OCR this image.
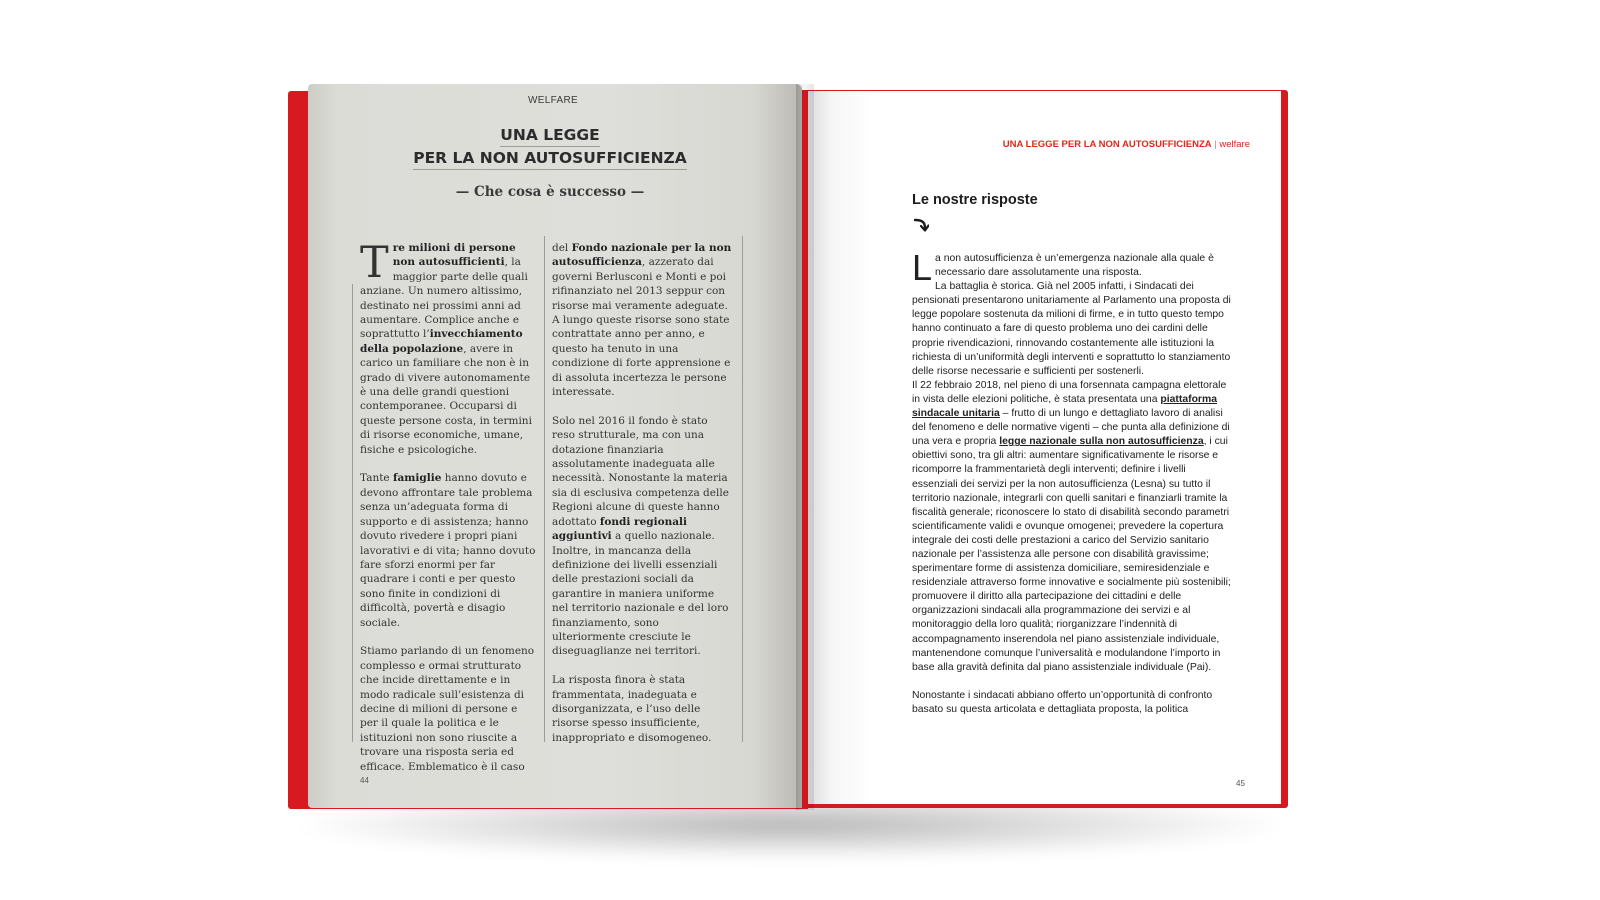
WELFARE
UNA LEGGE
PER LA NON AUTOSUFFICIENZA
— Che cosa è successo —

Tre milioni di persone non autosufficienti, la maggior parte delle quali anziane. Un numero altissimo, destinato nei prossimi anni ad aumentare. Complice anche e soprattutto l’invecchiamento della popolazione, avere in carico un familiare che non è in grado di vivere autonomamente è una delle grandi questioni contemporanee. Occuparsi di queste persone costa, in termini di risorse economiche, umane, fisiche e psicologiche.

Tante famiglie hanno dovuto e devono affrontare tale problema senza un’adeguata forma di supporto e di assistenza; hanno dovuto rivedere i propri piani lavorativi e di vita; hanno dovuto fare sforzi enormi per far quadrare i conti e per questo sono finite in condizioni di difficoltà, povertà e disagio sociale.

Stiamo parlando di un fenomeno complesso e ormai strutturato che incide direttamente e in modo radicale sull’esistenza di decine di milioni di persone e per il quale la politica e le istituzioni non sono riuscite a trovare una risposta seria ed efficace. Emblematico è il caso

del Fondo nazionale per la non autosufficienza, azzerato dai governi Berlusconi e Monti e poi rifinanziato nel 2013 seppur con risorse mai veramente adeguate. A lungo queste risorse sono state contrattate anno per anno, e questo ha tenuto in una condizione di forte apprensione e di assoluta incertezza le persone interessate.

Solo nel 2016 il fondo è stato reso strutturale, ma con una dotazione finanziaria assolutamente inadeguata alle necessità. Nonostante la materia sia di esclusiva competenza delle Regioni alcune di queste hanno adottato fondi regionali aggiuntivi a quello nazionale. Inoltre, in mancanza della definizione dei livelli essenziali delle prestazioni sociali da garantire in maniera uniforme nel territorio nazionale e del loro finanziamento, sono ulteriormente cresciute le diseguaglianze nei territori.

La risposta finora è stata frammentata, inadeguata e disorganizzata, e l’uso delle risorse spesso insufficiente, inappropriato e disomogeneo.

44
UNA LEGGE PER LA NON AUTOSUFFICIENZA | welfare
Le nostre risposte

La non autosufficienza è un’emergenza nazionale alla quale è necessario dare assolutamente una risposta.

La battaglia è storica. Già nel 2005 infatti, i Sindacati dei pensionati presentarono unitariamente al Parlamento una proposta di legge popolare sostenuta da milioni di firme, e in tutto questo tempo hanno continuato a fare di questo problema uno dei cardini delle proprie rivendicazioni, rinnovando costantemente alle istituzioni la richiesta di un’uniformità degli interventi e soprattutto lo stanziamento delle risorse necessarie e sufficienti per sostenerli.

Il 22 febbraio 2018, nel pieno di una forsennata campagna elettorale in vista delle elezioni politiche, è stata presentata una piattaforma sindacale unitaria – frutto di un lungo e dettagliato lavoro di analisi del fenomeno e delle normative vigenti – che punta alla definizione di una vera e propria legge nazionale sulla non autosufficienza, i cui obiettivi sono, tra gli altri: aumentare significativamente le risorse e ricomporre la frammentarietà degli interventi; definire i livelli essenziali dei servizi per la non autosufficienza (Lesna) su tutto il territorio nazionale, integrarli con quelli sanitari e finanziarli tramite la fiscalità generale; riconoscere lo stato di disabilità secondo parametri scientificamente validi e ovunque omogenei; prevedere la copertura integrale dei costi delle prestazioni a carico del Servizio sanitario nazionale per l’assistenza alle persone con disabilità gravissime; sperimentare forme di assistenza domiciliare, semiresidenziale e residenziale attraverso forme innovative e socialmente più sostenibili; promuovere il diritto alla partecipazione dei cittadini e delle organizzazioni sindacali alla programmazione dei servizi e al monitoraggio della loro qualità; riorganizzare l’indennità di accompagnamento inserendola nel piano assistenziale individuale, mantenendone comunque l’universalità e modulandone l’importo in base alla gravità definita dal piano assistenziale individuale (Pai).

Nonostante i sindacati abbiano offerto un’opportunità di confronto basato su questa articolata e dettagliata proposta, la politica

45
